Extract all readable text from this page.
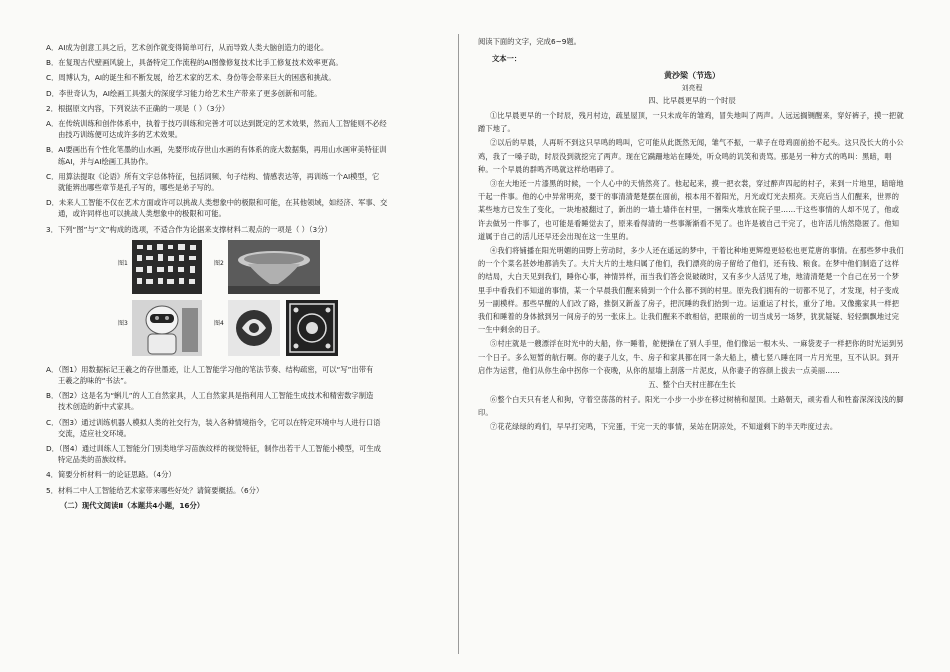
A．AI成为创意工具之后，艺术创作就变得简单可行，从而导致人类大脑创造力的退化。

B．在复现古代壁画风貌上，具备特定工作流程的AI图像修复技术比手工修复技术效率更高。

C．周博认为，AI的诞生和不断发展，给艺术家的艺术、身份等会带来巨大的困惑和挑战。

D．李世奇认为，AI绘画工具强大的深度学习能力给艺术生产带来了更多创新和可能。

2．根据原文内容，下列说法不正确的一项是（ ）（3分）

A．在传统训练和创作体系中，执着于技巧训练和完善才可以达到既定的艺术效果，然而人工智能则不必经

由技巧训练便可达成许多的艺术效果。

B．AI要画出有个性化笔墨的山水画，先要形成存世山水画的有体系的庞大数据集，再用山水画审美特征训

练AI，并与AI绘画工具协作。

C．用算法提取《论语》所有文字总体特征，包括词频、句子结构、情感表达等，再训练一个AI模型，它

就能辨出哪些章节是孔子写的，哪些是弟子写的。

D．未来人工智能不仅在艺术方面或许可以挑战人类想象中的极限和可能，在其他领域，如经济、军事、交

通，或许同样也可以挑战人类想象中的极限和可能。

3．下列“图”与“文”构成的选项，不适合作为论据来支撑材料二观点的一项是（ ）（3分）

图1	图2
图3	图4

A．（图1）用数据标记王羲之的存世墨迹，让人工智能学习他的笔法节奏、结构疏密，可以“写”出带有

王羲之韵味的“书法”。

B．（图2）这是名为“蝌儿”的人工自然家具，人工自然家具是指利用人工智能生成技术和精密数字制造

技术创造的新中式家具。

C．（图3）通过训练机器人模拟人类的社交行为，装入各种情境指令，它可以在特定环境中与人进行口语

交流，适应社交环境。

D．（图4）通过训练人工智能分门别类地学习苗族纹样的视觉特征，制作出若干人工智能小模型，可生成

特定品类的苗族纹样。

4．简要分析材料一的论证思路。（4分）

5．材料二中人工智能给艺术家带来哪些好处？请简要概括。（6分）

（二）现代文阅读Ⅱ（本题共4小题，16分）

阅读下面的文字，完成6~9题。

文本一：

黄沙梁（节选）

刘亮程

四、比早晨更早的一个时辰

①比早晨更早的一个时辰，残月村边，疏星屋顶，一只未成年的雏鸡，冒失地叫了两声。人远远搁铡醒来，穿好裤子，摸一把就蹭下地了。

②以后的早晨，人再听不到这只早鸣的鸣叫，它可能从此既然无闻，雏气不振，一辈子在母鸡面前抬不起头。这只没长大的小公鸡，我了一嗓子助，时辰没到就挖完了两声。现在它蹒跚地站在睡处，听众鸣的讥笑和责骂。那是另一种方式的鸣叫：黑暗，唱种。一个早晨的群鸣齐鸣就这样给唱碎了。

③在大地还一片漆黑的时候，一个人心中的天悄然亮了。他起起来，摸一把衣裳，穿过醉声四起的村子，来到一片地里，暗暗地干起一件事。他的心中异常明亮，要干的事清清楚楚摆在面前，根本用不着阳光，月光或灯光去照亮。天亮后当人们醒来，世界的某些地方已发生了变化，一块地被翻过了，新出的一墙土墙伴在村里，一捆柴火堆放在院子里……干这些事情的人却不见了，他或许去做另一件事了，也可能是看睡觉去了，原来看得清的一些事渐渐看不见了。也许是被自己干完了，也许活儿悄然隐匿了。他知道属于自己的活儿还早还会出现在这一生里的。

④我们将铺播在阳光明媚的田野上劳动时，多少人还在遥远的梦中，干着比种地更辉煌更轻松也更荒唐的事情。在那些梦中我们的一个个菜名甚妙地都消失了。大片大片的土地归属了他们，我们漂亮的房子留给了他们，还有钱、粮食。在梦中他们制造了这样的结局，大白天见到我们，睡你心事，神情异样，而当我们答会说破破时，又有多少人活见了地，地清清楚楚一个自己在另一个梦里手中看我们不知道的事情，某一个早晨我们醒来骑到一个什么都不到的村里。原先我们拥有的一切都不见了，才发现，村子变成另一副模样。那些早醒的人们改了路，推倒又新盖了房子，把沉睡的我们抬到一边。运重运了村长，重分了地。又像搬家具一样把我们和睡着的身体掀到另一间房子的另一张床上。让我们醒来不敢相信，把眼前的一切当成另一场梦，犹犹疑疑、轻轻飘飘地过完一生中剩余的日子。

⑤村庄就是一艘漂浮在时光中的大船，你一睡着，舵便操在了别人手里，他们像运一根木头、一麻袋麦子一样把你的时光运到另一个日子。多么短暂的航行啊。你的妻子儿女，牛、房子和家具都在同一条大船上，横七竖八睡在同一片月光里，互不认识。到开启作为运营，他们从你生命中拐你一个夜晚，从你的屋墙上刮落一片泥皮，从你妻子的容颜上拔去一点美丽……

五、整个白天村庄都在生长

⑥整个白天只有老人和狗，守着空荡荡的村子。阳光一小步一小步在移过树梢和屋顶。土路朝天，顽劣看人和牲畜深深浅浅的脚印。

⑦花花绿绿的鸡们，早早打完鸣，下完蛋，干完一天的事情，呆站在阴凉处，不知道剩下的半天咋度过去。
